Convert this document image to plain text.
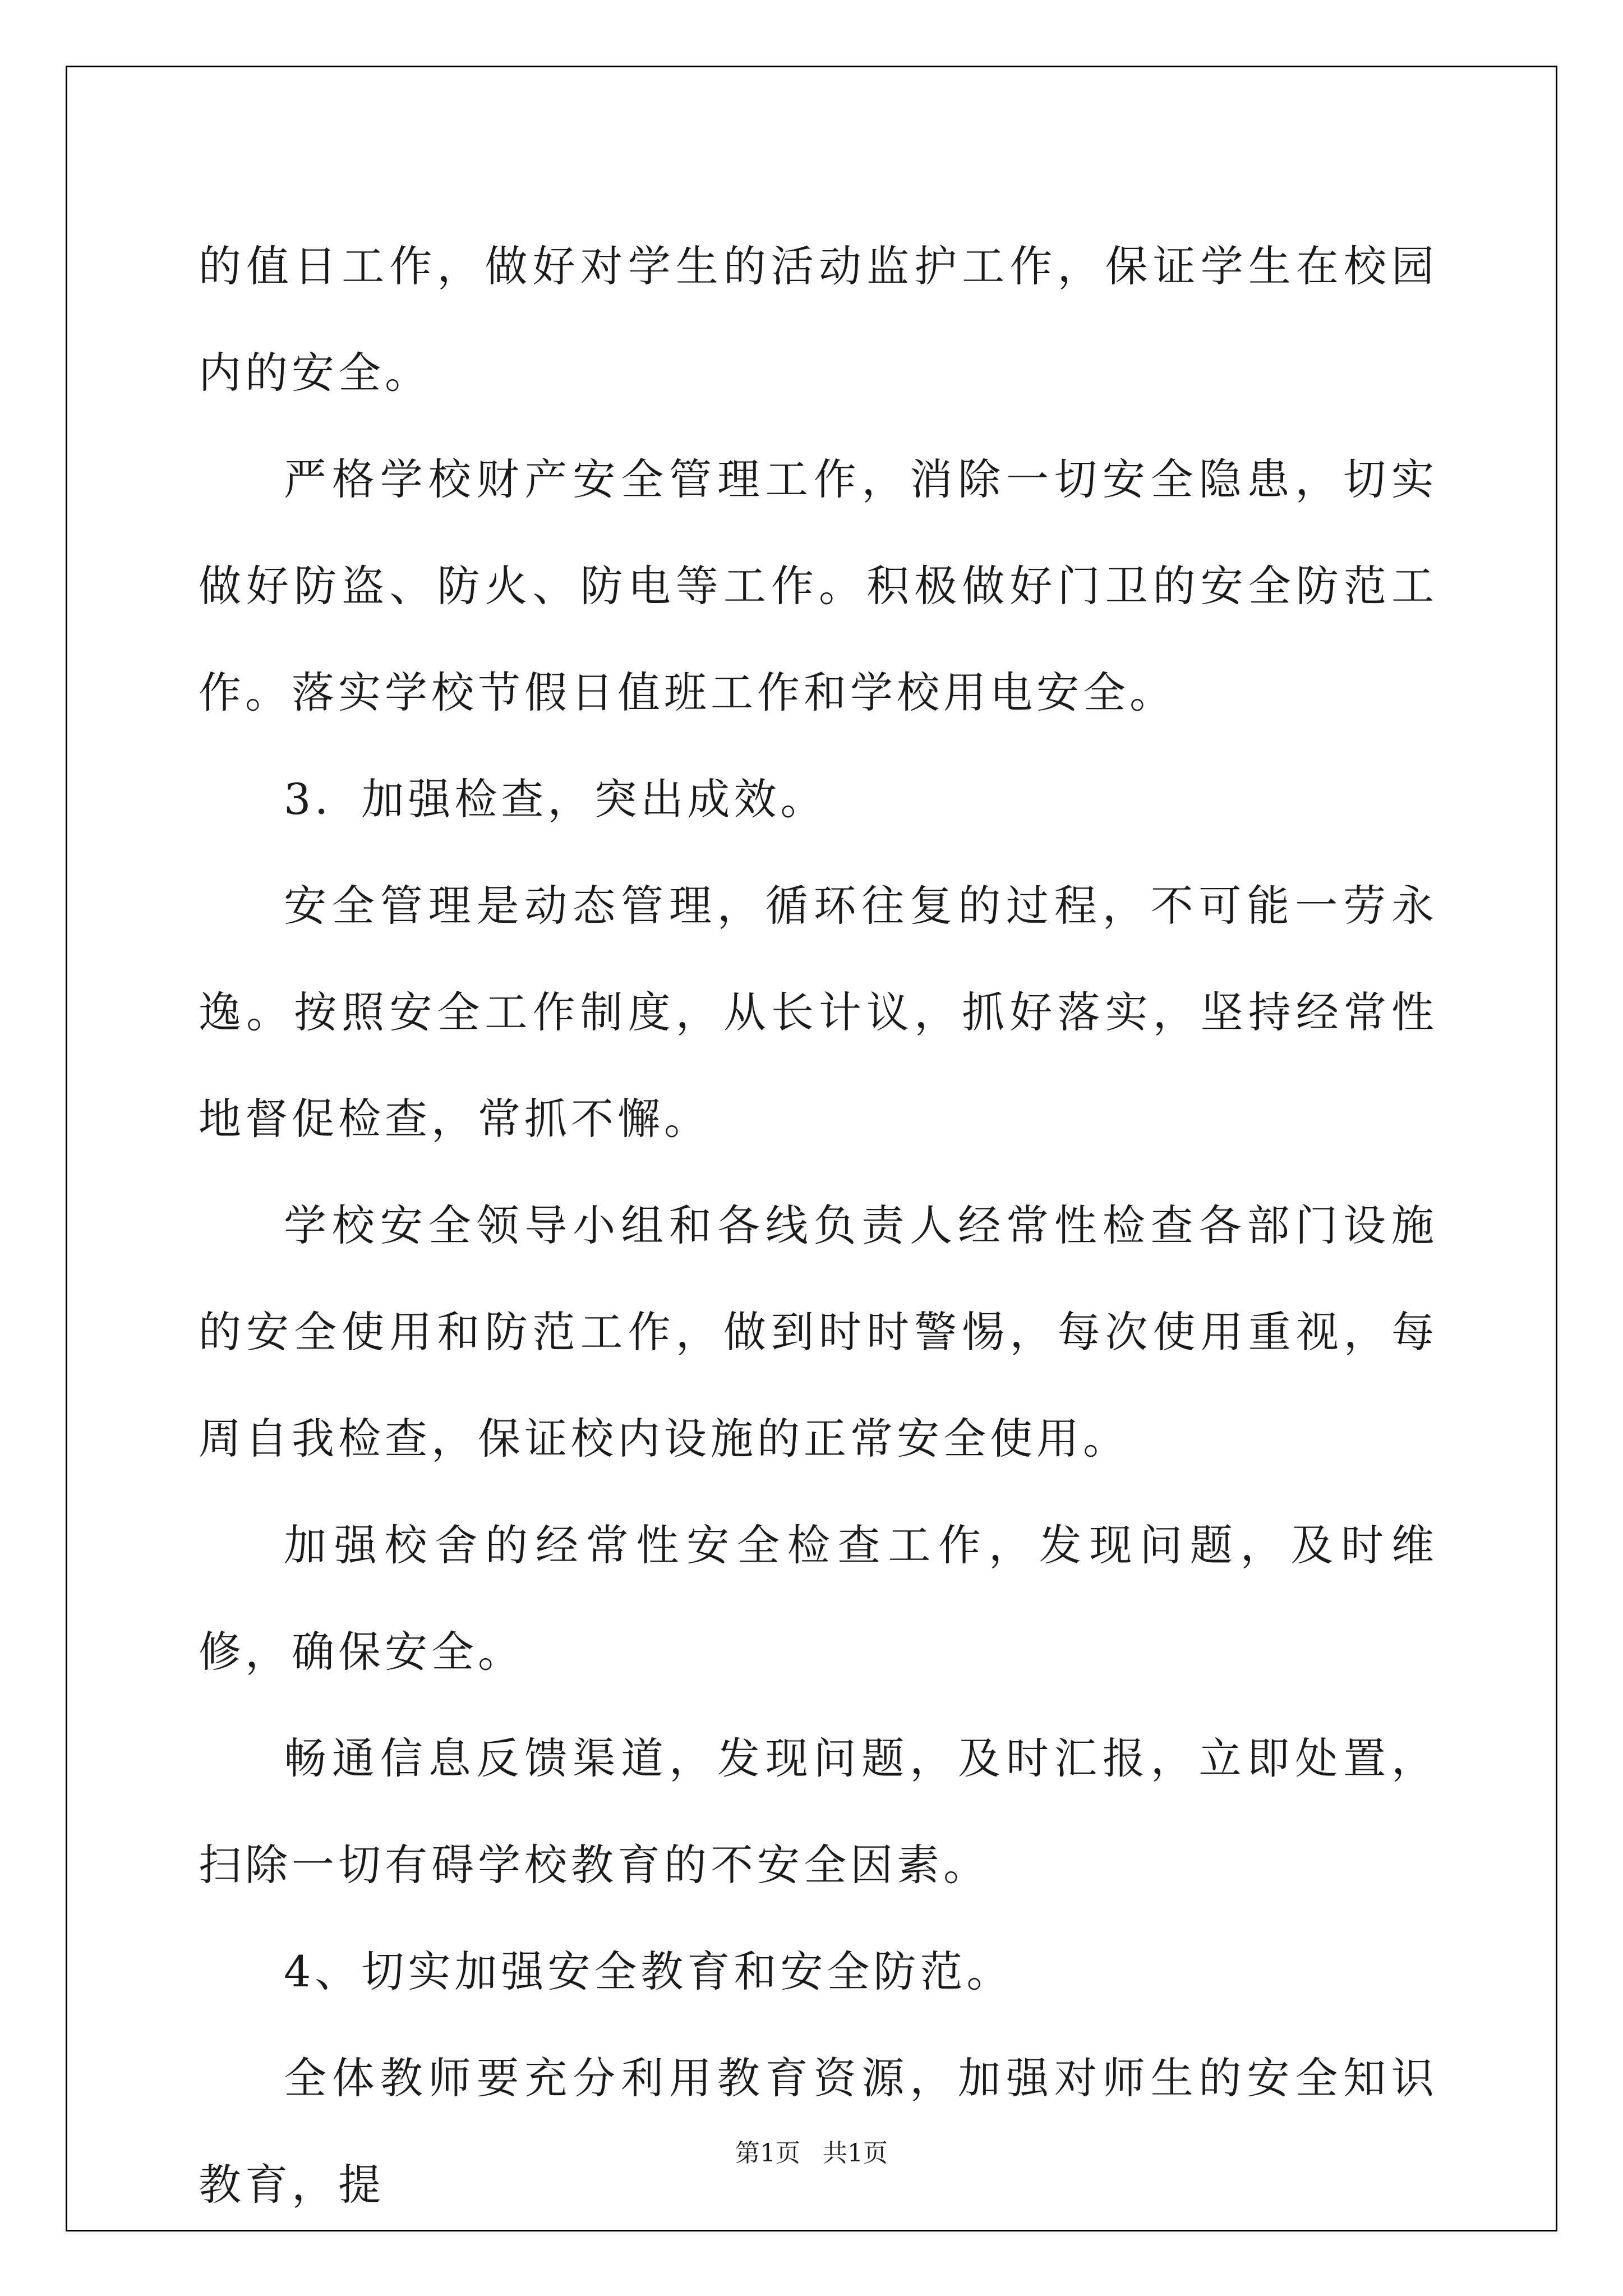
的值日工作，做好对学生的活动监护工作，保证学生在校园内的安全。

严格学校财产安全管理工作，消除一切安全隐患，切实做好防盗、防火、防电等工作。积极做好门卫的安全防范工作。落实学校节假日值班工作和学校用电安全。

3．加强检查，突出成效。

安全管理是动态管理，循环往复的过程，不可能一劳永逸。按照安全工作制度，从长计议，抓好落实，坚持经常性地督促检查，常抓不懈。

学校安全领导小组和各线负责人经常性检查各部门设施的安全使用和防范工作，做到时时警惕，每次使用重视，每周自我检查，保证校内设施的正常安全使用。

加强校舍的经常性安全检查工作，发现问题，及时维修，确保安全。

畅通信息反馈渠道，发现问题，及时汇报，立即处置，扫除一切有碍学校教育的不安全因素。

4、切实加强安全教育和安全防范。

全体教师要充分利用教育资源，加强对师生的安全知识教育，提

第1页 共1页
